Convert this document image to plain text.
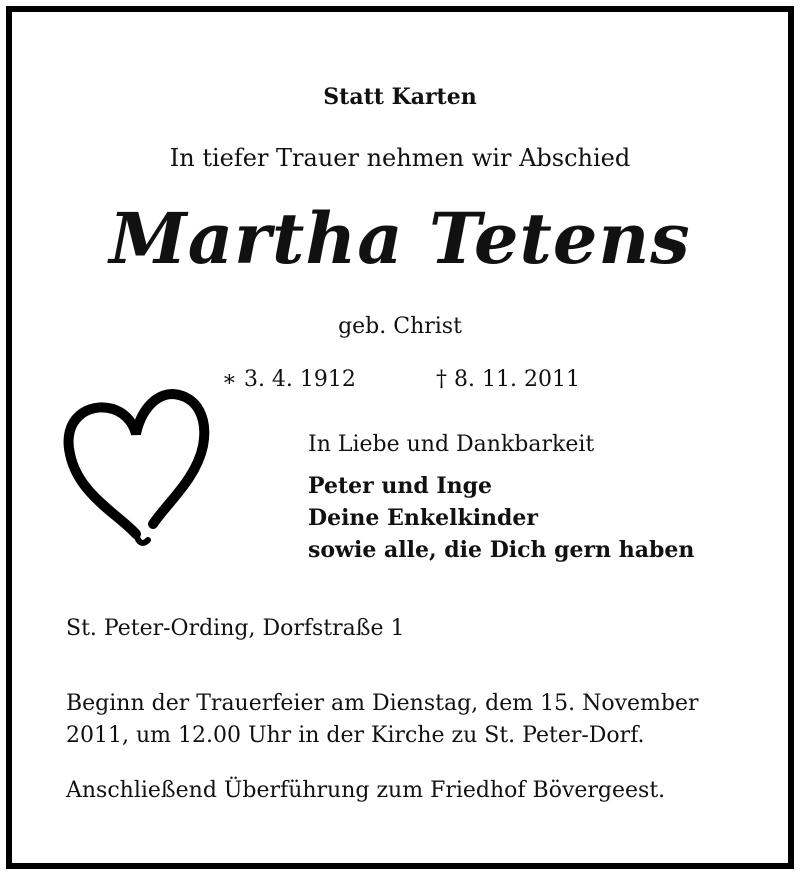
Statt Karten
In tiefer Trauer nehmen wir Abschied
Martha Tetens
geb. Christ
∗ 3. 4. 1912	† 8. 11. 2011
In Liebe und Dankbarkeit
Peter und Inge
Deine Enkelkinder
sowie alle, die Dich gern haben
St. Peter-Ording, Dorfstraße 1
Beginn der Trauerfeier am Dienstag, dem 15. November
2011, um 12.00 Uhr in der Kirche zu St. Peter-Dorf.
Anschließend Überführung zum Friedhof Bövergeest.
